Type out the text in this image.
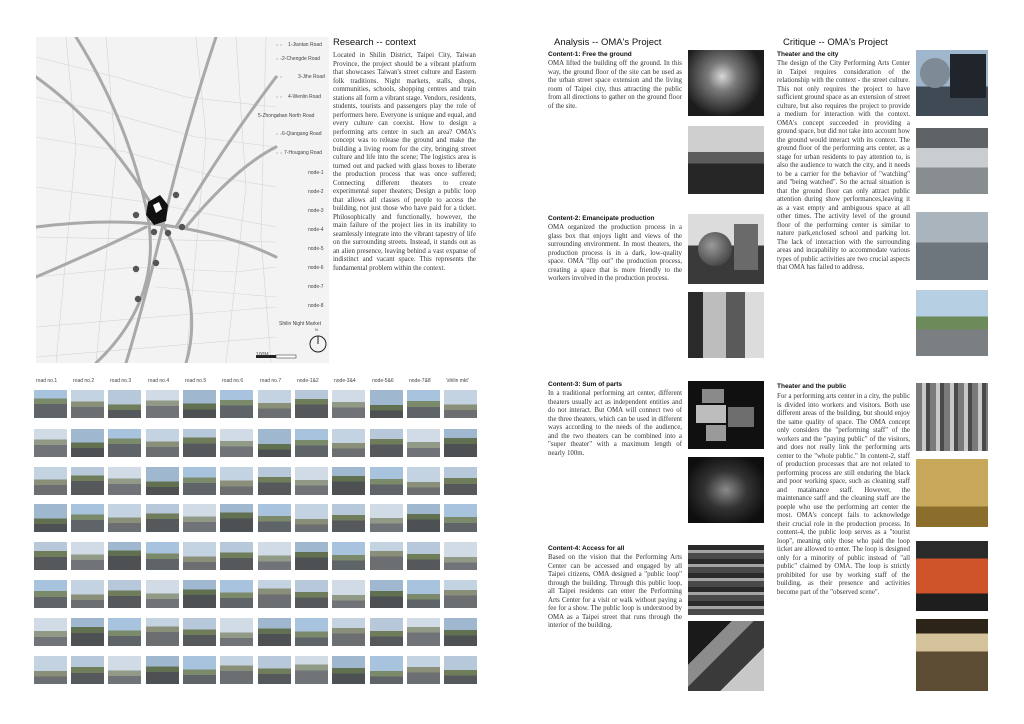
100M
1-Jiantan Road
2-Chengde Road
3-Jihe Road
4-Wenlin Road
5-Zhongshan North Road
6-Qiangang Road
7-Hougang Road
node-1
node-2
node-3
node-4
node-5
node-6
node-7
node-8
Shilin Night Market
N
Research -- context
Located in Shilin District, Taipei City, Taiwan Province, the project should be a vibrant platform that showcases Taiwan's street culture and Eastern folk traditions. Night markets, stalls, shops, communities, schools, shopping centres and train stations all form a vibrant stage. Vendors, residents, students, tourists and passengers play the role of performers here. Everyone is unique and equal, and every culture can coexist. How to design a performing arts center in such an area? OMA's concept was to release the ground and make the building a living room for the city, bringing street culture and life into the scene; The logistics area is turned out and packed with glass boxes to liberate the production process that was once suffered; Connecting different theaters to create experimental super theaters; Design a public loop that allows all classes of people to access the building, not just those who have paid for a ticket. Philosophically and functionally, however, the main failure of the project lies in its inability to seamlessly integrate into the vibrant tapestry of life on the surrounding streets. Instead, it stands out as an alien presence, leaving behind a vast expanse of indistinct and vacant space. This represents the fundamental problem within the context.
road no.1	road no.2	road no.3	road no.4	road no.5	road no.6	road no.7	node-1&2	node-3&4	node-5&6	node-7&8	'shilin mkt'
Analysis -- OMA's Project
Content-1: Free the ground
OMA lifted the building off the ground. In this way, the ground floor of the site can be used as the urban street space extension and the living room of Taipei city, thus attracting the public from all directions to gather on the ground floor of the site.
Content-2: Emancipate production
OMA organized the production process in a glass box that enjoys light and views of the surrounding environment. In most theaters, the production process is in a dark, low-quality space. OMA "flip out" the production process, creating a space that is more friendly to the workers involved in the production process.
Content-3: Sum of parts
In a traditional performing art center, different theaters usually act as independent entities and do not interact. But OMA will connect two of the three theaters, which can be used in different ways according to the needs of the audience, and the two theaters can be combined into a "super theater" with a maximum length of nearly 100m.
Content-4: Access for all
Based on the vision that the Performing Arts Center can be accessed and engaged by all Taipei citizens, OMA designed a "public loop" through the building. Through this public loop, all Taipei residents can enter the Performing Arts Center for a visit or walk without paying a fee for a show. The public loop is understood by OMA as a Taipei street that runs through the interior of the building.
Critique -- OMA's Project
Theater and the city
The design of the City Performing Arts Center in Taipei requires consideration of the relationship with the context - the street culture. This not only requires the project to have sufficient ground space as an extension of street culture, but also requires the project to provide a medium for interaction with the context. OMA's concept succeeded in providing a ground space, but did not take into account how the ground would interact with its context. The ground floor of the performing arts center, as a stage for urban residents to pay attention to, is also the audience to watch the city, and it needs to be a carrier for the behavior of "watching" and "being watched". So the actual situation is that the ground floor can only attract public attention during show performances,leaving it as a vast empty and ambiguous space at all other times. The activity level of the ground floor of the performing center is similar to nature park,enclosed school and parking lot. The lack of interaction with the surrounding areas and incapability to accommodate various types of public activities are two crucial aspects that OMA has failed to address.
Theater and the public
For a performing arts center in a city, the public is divided into workers and visitors. Both use different areas of the building, but should enjoy the same quality of space. The OMA concept only considers the "performing staff" of the workers and the "paying public" of the visitors, and does not really link the performing arts center to the "whole public." In content-2, staff of production processes that are not related to performing process are still enduring the black and poor working space, such as cleaning staff and matainance staff. However, the maintenance satff and the cleaning staff are the poeple who use the performing art center the most. OMA's concept fails to acknowledge their crucial role in the production process. In content-4, the public loop serves as a "tourist loop", meaning only those who paid the loop ticket are allowed to enter. The loop is designed only for a minority of public instead of "all public" claimed by OMA. The loop is strictly prohibited for use by working staff of the building, as their presence and activities become part of the "observed scene".
